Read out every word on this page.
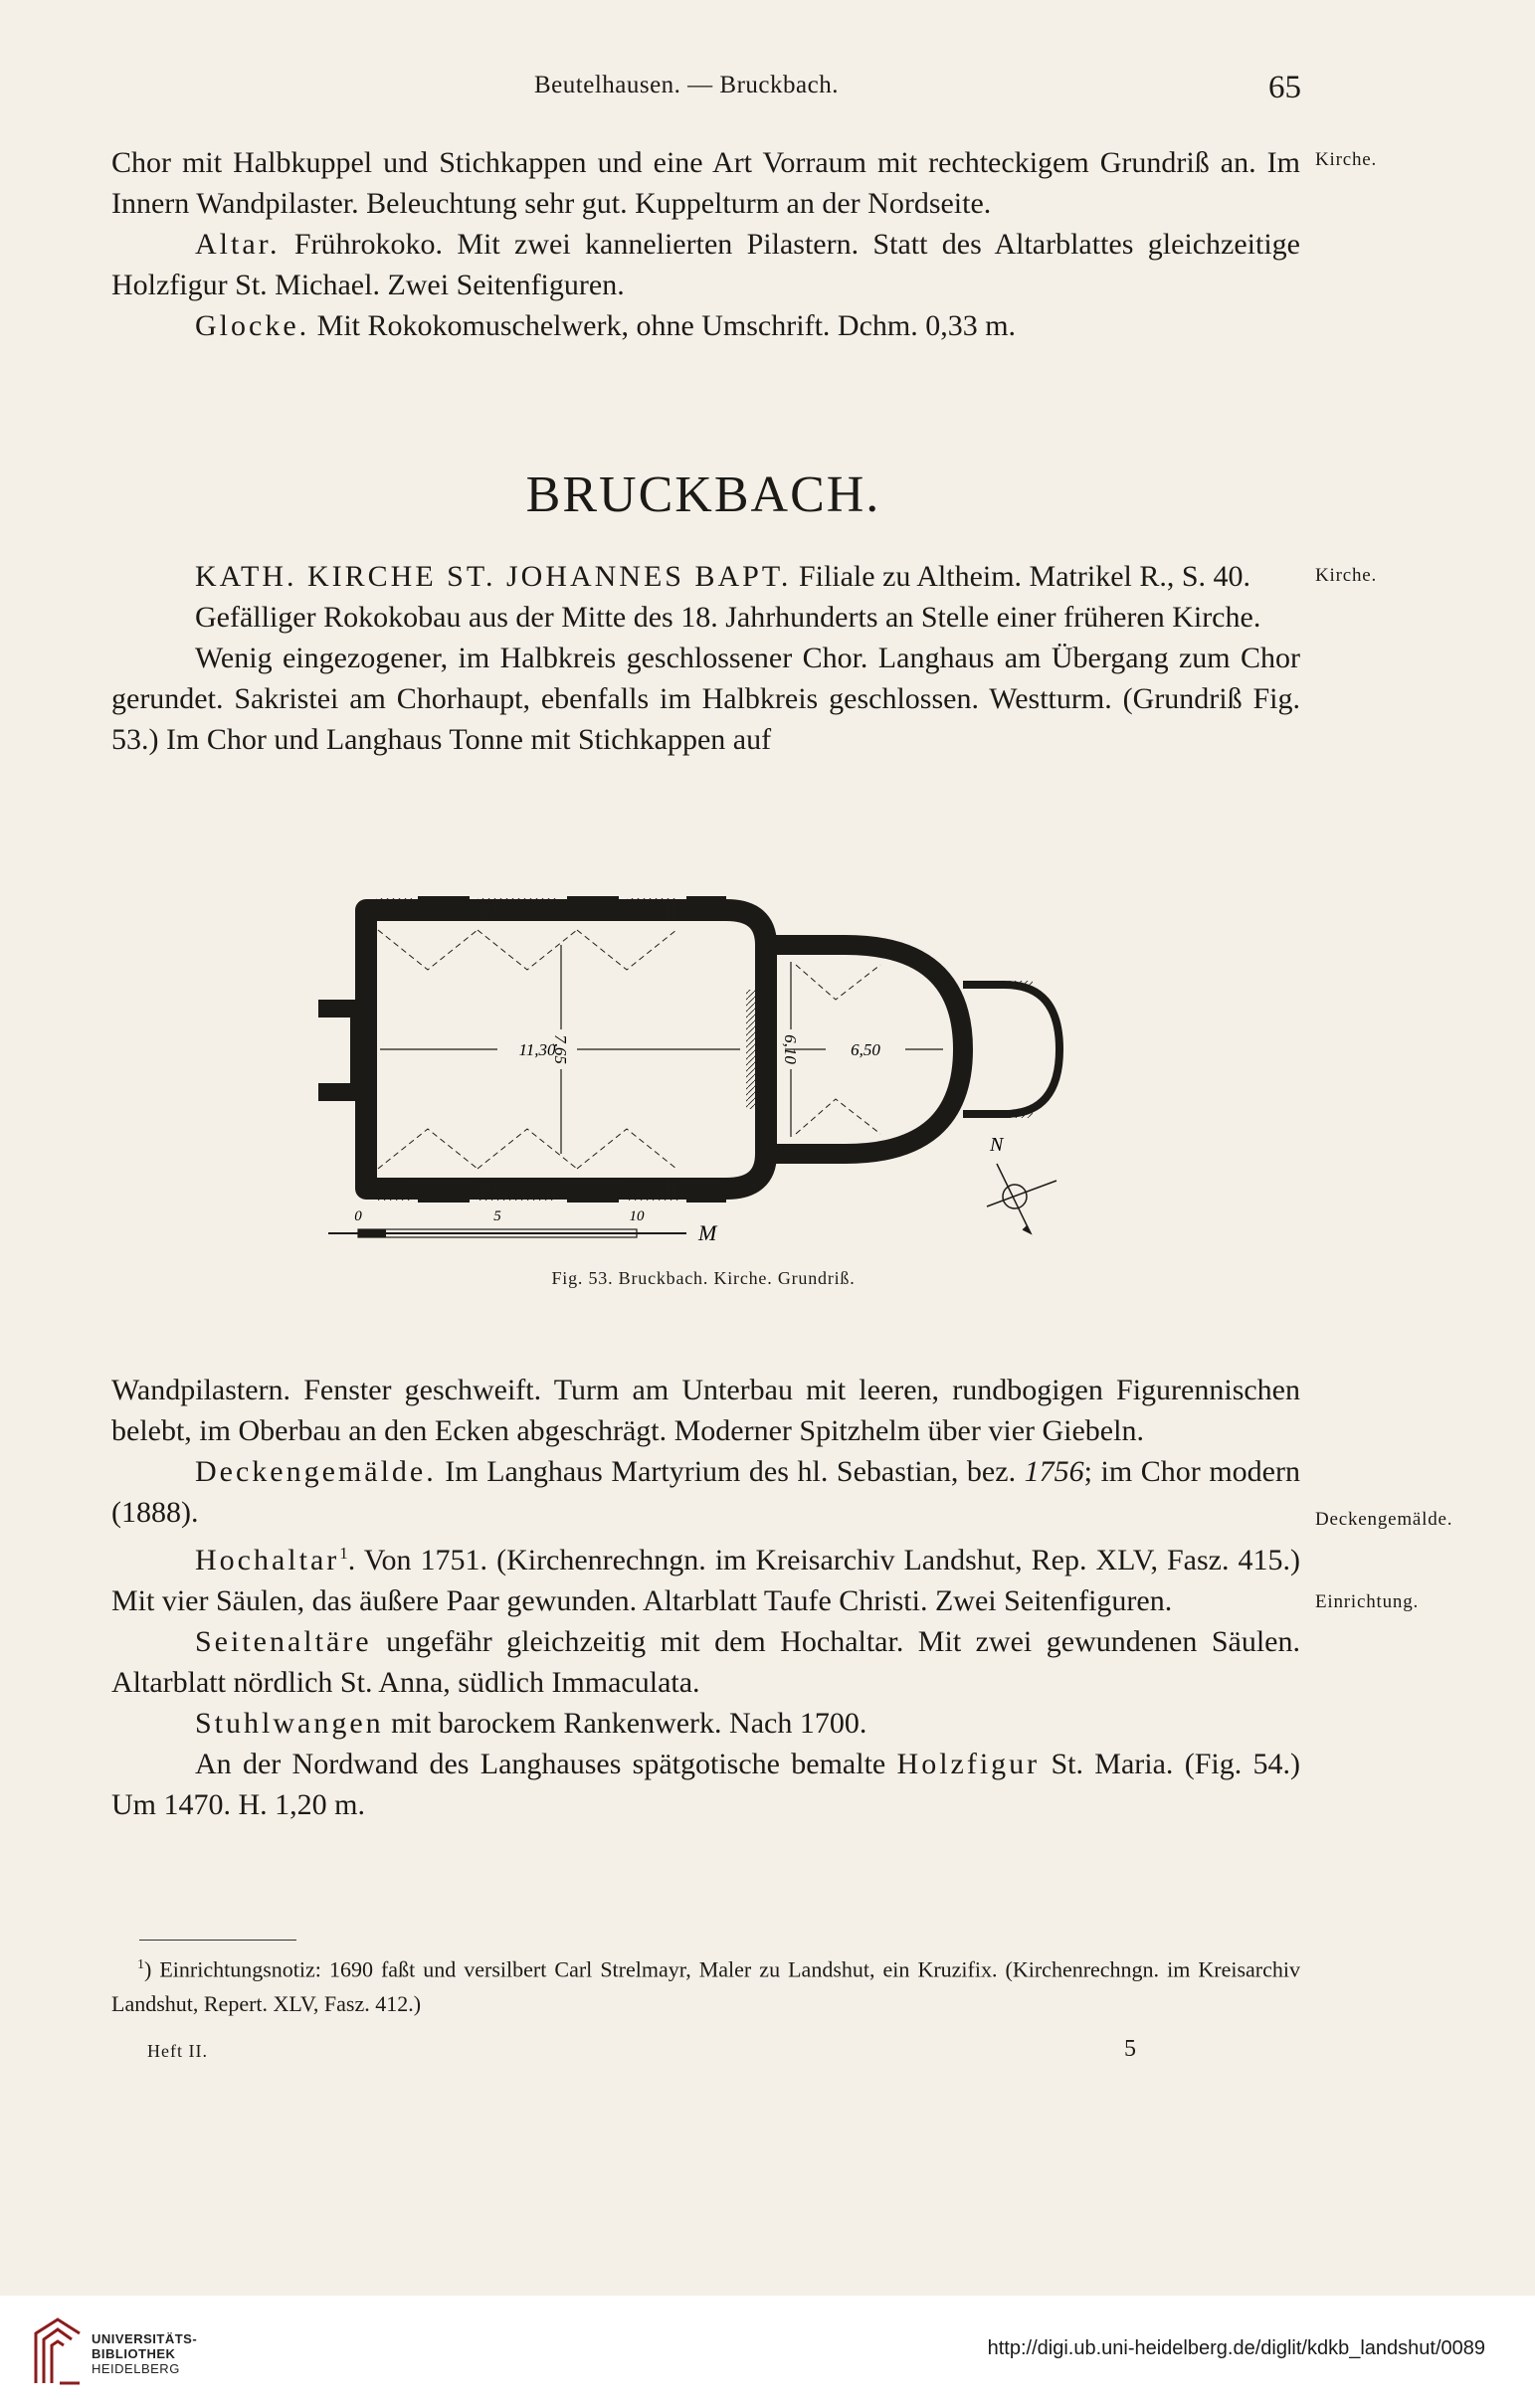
Beutelhausen. — Bruckbach.	65

Chor mit Halbkuppel und Stichkappen und eine Art Vorraum mit rechteckigem Grundriß an. Im Innern Wandpilaster. Beleuchtung sehr gut. Kuppelturm an der Nordseite.

Altar. Frührokoko. Mit zwei kannelierten Pilastern. Statt des Altarblattes gleichzeitige Holzfigur St. Michael. Zwei Seitenfiguren.

Glocke. Mit Rokokomuschelwerk, ohne Umschrift. Dchm. 0,33 m.

Kirche.
BRUCKBACH.

KATH. KIRCHE ST. JOHANNES BAPT. Filiale zu Altheim. Matrikel R., S. 40.

Gefälliger Rokokobau aus der Mitte des 18. Jahrhunderts an Stelle einer früheren Kirche.

Wenig eingezogener, im Halbkreis geschlossener Chor. Langhaus am Übergang zum Chor gerundet. Sakristei am Chorhaupt, ebenfalls im Halbkreis geschlossen. Westturm. (Grundriß Fig. 53.) Im Chor und Langhaus Tonne mit Stichkappen auf

Kirche.
11,30
7,65	6,50
6,10
0	5	10
M
N
Fig. 53. Bruckbach. Kirche. Grundriß.

Wandpilastern. Fenster geschweift. Turm am Unterbau mit leeren, rundbogigen Figurennischen belebt, im Oberbau an den Ecken abgeschrägt. Moderner Spitzhelm über vier Giebeln.

Deckengemälde. Im Langhaus Martyrium des hl. Sebastian, bez. 1756; im Chor modern (1888).

Hochaltar$^1$. Von 1751. (Kirchenrechngn. im Kreisarchiv Landshut, Rep. XLV, Fasz. 415.) Mit vier Säulen, das äußere Paar gewunden. Altarblatt Taufe Christi. Zwei Seitenfiguren.

Seitenaltäre ungefähr gleichzeitig mit dem Hochaltar. Mit zwei gewundenen Säulen. Altarblatt nördlich St. Anna, südlich Immaculata.

Stuhlwangen mit barockem Rankenwerk. Nach 1700.

An der Nordwand des Langhauses spätgotische bemalte Holzfigur St. Maria. (Fig. 54.) Um 1470. H. 1,20 m.

Deckengemälde.
Einrichtung.

$^1$) Einrichtungsnotiz: 1690 faßt und versilbert Carl Strelmayr, Maler zu Landshut, ein Kruzifix. (Kirchenrechngn. im Kreisarchiv Landshut, Repert. XLV, Fasz. 412.)

Heft II.	5
UNIVERSITÄTS-
BIBLIOTHEK
HEIDELBERG
http://digi.ub.uni-heidelberg.de/diglit/kdkb_landshut/0089
